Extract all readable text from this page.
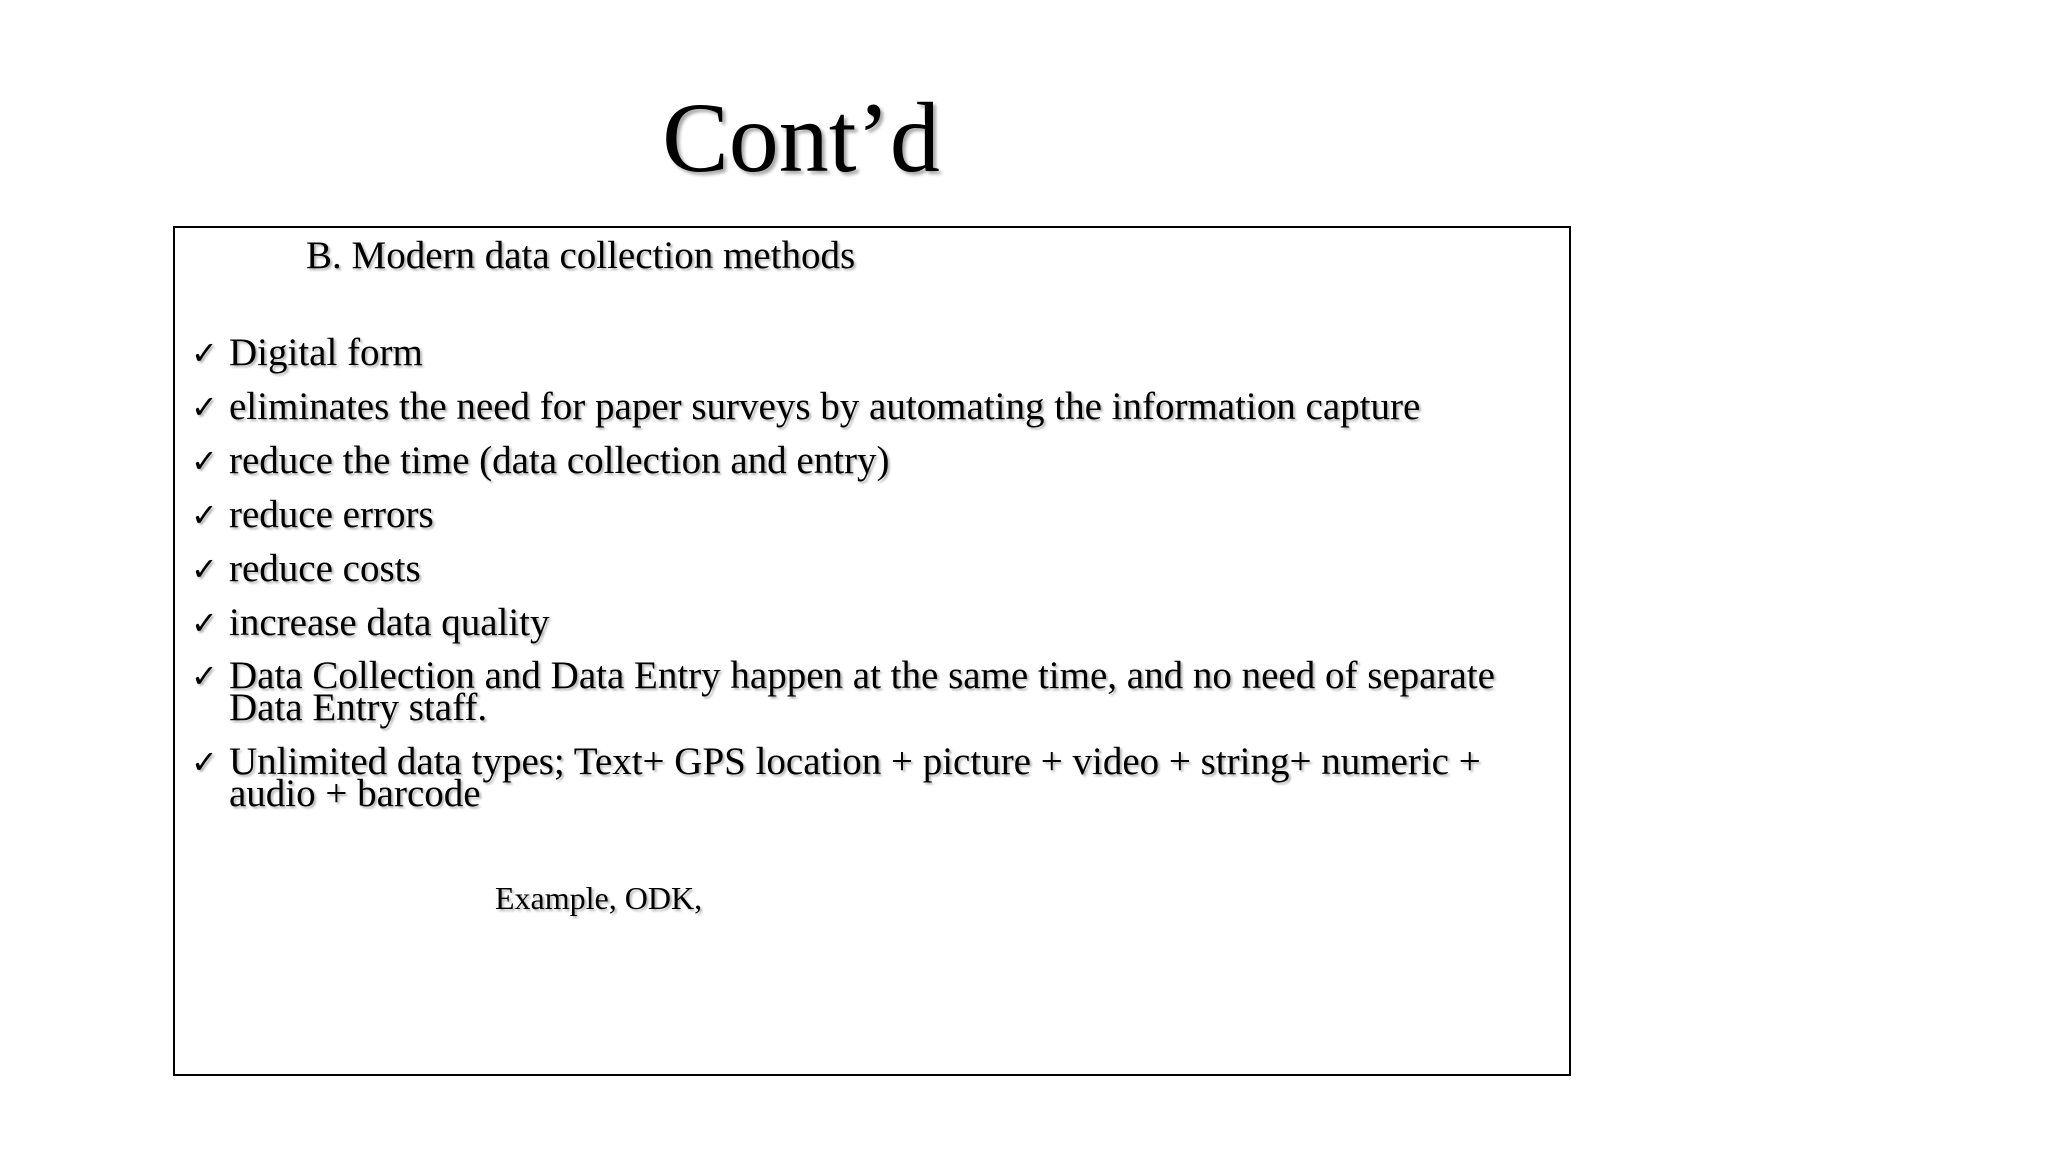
Cont’d
B. Modern data collection methods
✓ Digital form
✓ eliminates the need for paper surveys by automating the information capture
✓ reduce the time (data collection and entry)
✓ reduce errors
✓ reduce costs
✓ increase data quality
✓ Data Collection and Data Entry happen at the same time, and no need of separate Data Entry staff.
✓ Unlimited data types; Text+ GPS location + picture + video + string+ numeric + audio + barcode
Example, ODK,
